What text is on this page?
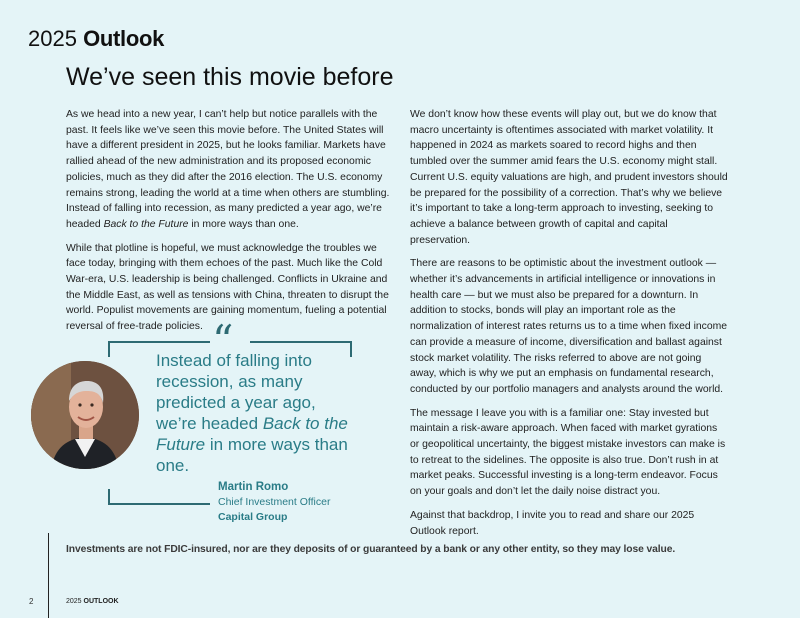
2025 Outlook
We’ve seen this movie before

As we head into a new year, I can’t help but notice parallels with the past. It feels like we’ve seen this movie before. The United States will have a different president in 2025, but he looks familiar. Markets have rallied ahead of the new administration and its proposed economic policies, much as they did after the 2016 election. The U.S. economy remains strong, leading the world at a time when others are stumbling. Instead of falling into recession, as many predicted a year ago, we’re headed Back to the Future in more ways than one.

While that plotline is hopeful, we must acknowledge the troubles we face today, bringing with them echoes of the past. Much like the Cold War-era, U.S. leadership is being challenged. Conflicts in Ukraine and the Middle East, as well as tensions with China, threaten to disrupt the world. Populist movements are gaining momentum, fueling a potential reversal of free-trade policies.

We don’t know how these events will play out, but we do know that macro uncertainty is oftentimes associated with market volatility. It happened in 2024 as markets soared to record highs and then tumbled over the summer amid fears the U.S. economy might stall. Current U.S. equity valuations are high, and prudent investors should be prepared for the possibility of a correction. That’s why we believe it’s important to take a long-term approach to investing, seeking to achieve a balance between growth of capital and capital preservation.

There are reasons to be optimistic about the investment outlook — whether it’s advancements in artificial intelligence or innovations in health care — but we must also be prepared for a downturn. In addition to stocks, bonds will play an important role as the normalization of interest rates returns us to a time when fixed income can provide a measure of income, diversification and ballast against stock market volatility. The risks referred to above are not going away, which is why we put an emphasis on fundamental research, conducted by our portfolio managers and analysts around the world.

The message I leave you with is a familiar one: Stay invested but maintain a risk-aware approach. When faced with market gyrations or geopolitical uncertainty, the biggest mistake investors can make is to retreat to the sidelines. The opposite is also true. Don’t rush in at market peaks. Successful investing is a long-term endeavor. Focus on your goals and don’t let the daily noise distract you.

Against that backdrop, I invite you to read and share our 2025 Outlook report.

“
Instead of falling into recession, as many predicted a year ago, we’re headed Back to the Future in more ways than one.
Martin Romo
Chief Investment Officer
Capital Group
Investments are not FDIC-insured, nor are they deposits of or guaranteed by a bank or any other entity, so they may lose value.
2	2025 OUTLOOK
